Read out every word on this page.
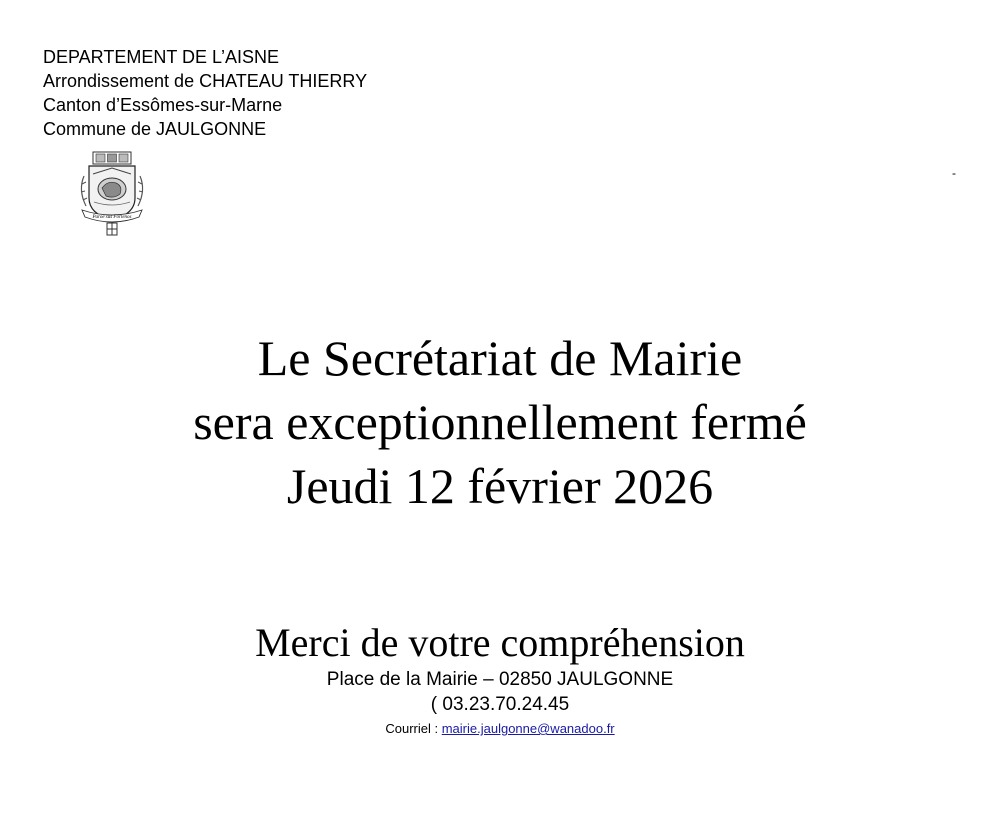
DEPARTEMENT DE L’AISNE
Arrondissement de CHATEAU THIERRY
Canton d’Essômes-sur-Marne
Commune de JAULGONNE
Paroe sus Fortenos
-
Le Secrétariat de Mairie
sera exceptionnellement fermé
Jeudi 12 février 2026
Merci de votre compréhension
Place de la Mairie – 02850 JAULGONNE
( 03.23.70.24.45
Courriel : mairie.jaulgonne@wanadoo.fr
